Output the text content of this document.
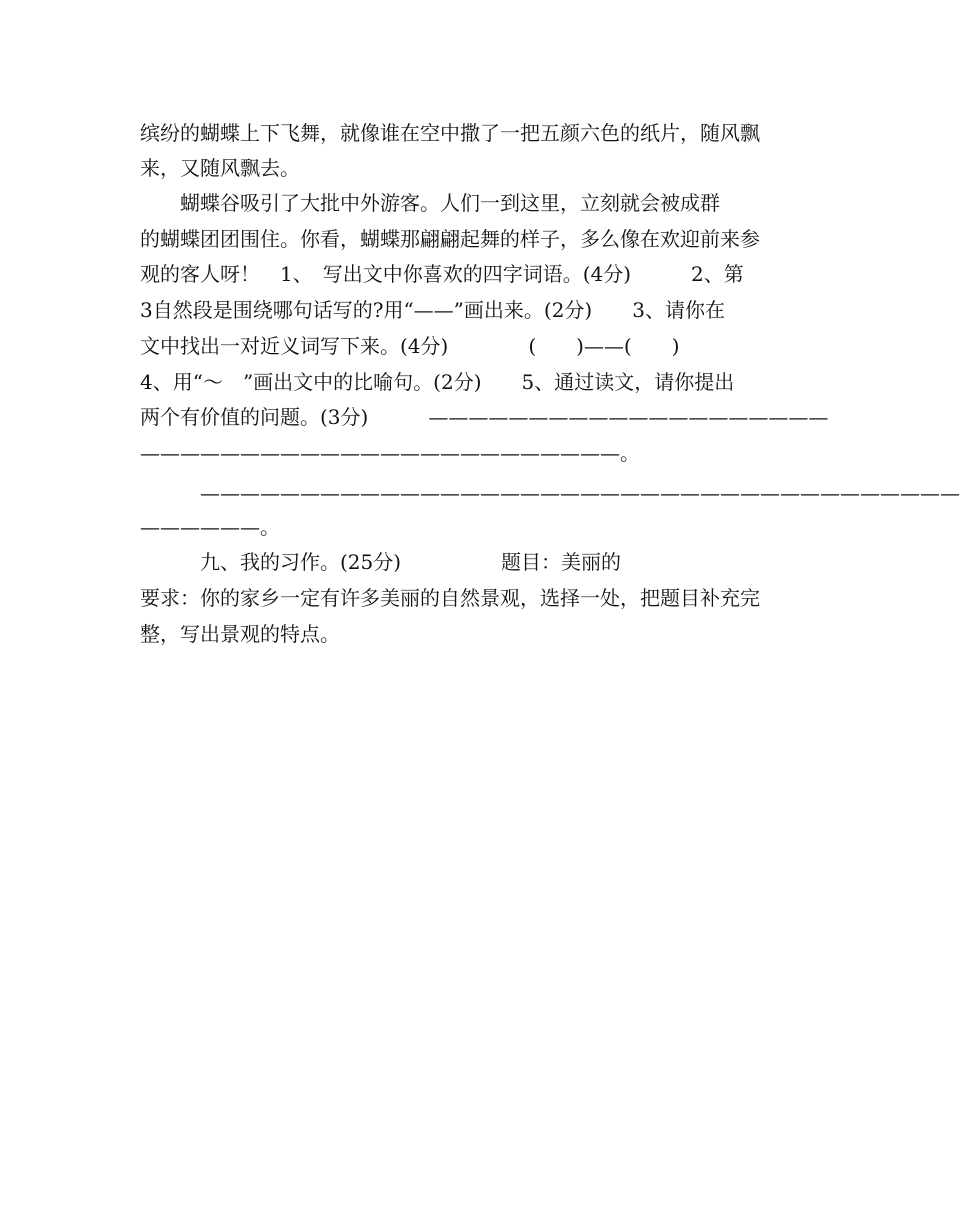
缤纷的蝴蝶上下飞舞，就像谁在空中撒了一把五颜六色的纸片，随风飘
来，又随风飘去。
　　蝴蝶谷吸引了大批中外游客。人们一到这里，立刻就会被成群
的蝴蝶团团围住。你看，蝴蝶那翩翩起舞的样子，多么像在欢迎前来参
观的客人呀！　1、　写出文中你喜欢的四字词语。(4分)　　　2、第
3自然段是围绕哪句话写的?用“——”画出来。(2分)　　3、请你在
文中找出一对近义词写下来。(4分)　　　　(　　)——(　　)
4、用“～　”画出文中的比喻句。(2分)　　5、通过读文，请你提出
两个有价值的问题。(3分)　　　————————————————————
————————————————————————。
　　　——————————————————————————————————————
——————。
　　　九、我的习作。(25分)　　　　　题目：美丽的
要求：你的家乡一定有许多美丽的自然景观，选择一处，把题目补充完
整，写出景观的特点。
